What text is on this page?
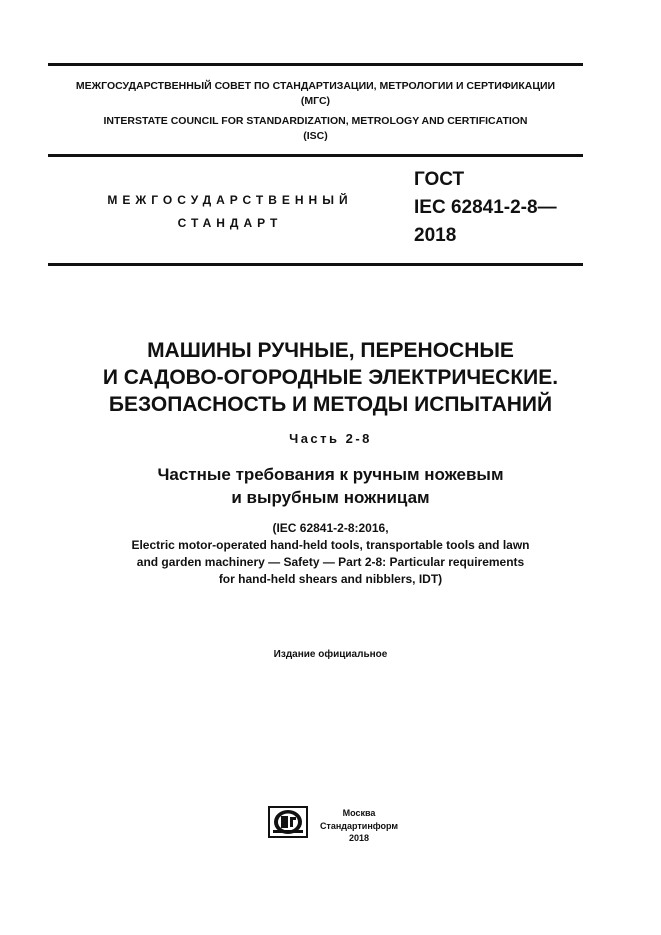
МЕЖГОСУДАРСТВЕННЫЙ СОВЕТ ПО СТАНДАРТИЗАЦИИ, МЕТРОЛОГИИ И СЕРТИФИКАЦИИ
(МГС)
INTERSTATE COUNCIL FOR STANDARDIZATION, METROLOGY AND CERTIFICATION
(ISC)
МЕЖГОСУДАРСТВЕННЫЙ
СТАНДАРТ
ГОСТ
IEC 62841-2-8—
2018
МАШИНЫ РУЧНЫЕ, ПЕРЕНОСНЫЕ
И САДОВО-ОГОРОДНЫЕ ЭЛЕКТРИЧЕСКИЕ.
БЕЗОПАСНОСТЬ И МЕТОДЫ ИСПЫТАНИЙ
Часть 2-8
Частные требования к ручным ножевым
и вырубным ножницам
(IEC 62841-2-8:2016,
Electric motor-operated hand-held tools, transportable tools and lawn
and garden machinery — Safety — Part 2-8: Particular requirements
for hand-held shears and nibblers, IDT)
Издание официальное
Москва
Стандартинформ
2018
